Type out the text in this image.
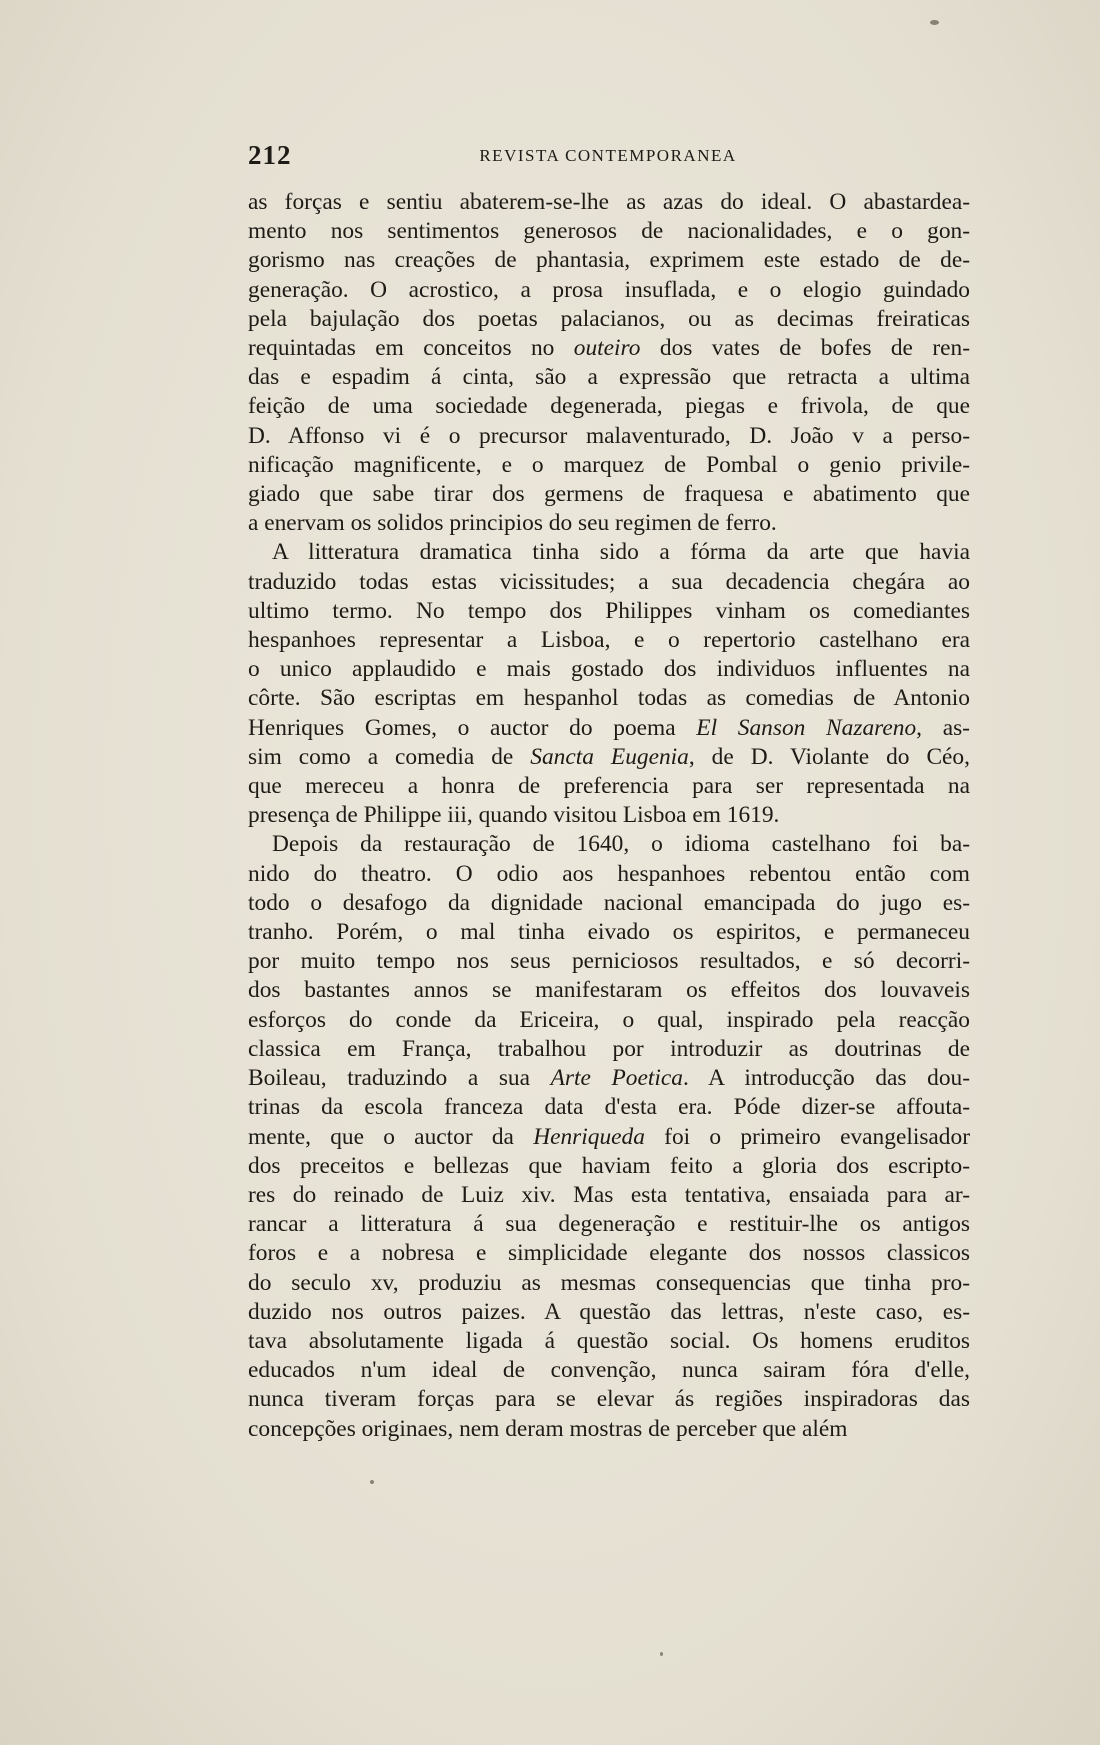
212	REVISTA CONTEMPORANEA

as forças e sentiu abaterem-se-lhe as azas do ideal. O abastardea-
mento nos sentimentos generosos de nacionalidades, e o gon-
gorismo nas creações de phantasia, exprimem este estado de de-
generação. O acrostico, a prosa insuflada, e o elogio guindado
pela bajulação dos poetas palacianos, ou as decimas freiraticas
requintadas em conceitos no outeiro dos vates de bofes de ren-
das e espadim á cinta, são a expressão que retracta a ultima
feição de uma sociedade degenerada, piegas e frivola, de que
D. Affonso vi é o precursor malaventurado, D. João v a perso-
nificação magnificente, e o marquez de Pombal o genio privile-
giado que sabe tirar dos germens de fraquesa e abatimento que
a enervam os solidos principios do seu regimen de ferro.

A litteratura dramatica tinha sido a fórma da arte que havia
traduzido todas estas vicissitudes; a sua decadencia chegára ao
ultimo termo. No tempo dos Philippes vinham os comediantes
hespanhoes representar a Lisboa, e o repertorio castelhano era
o unico applaudido e mais gostado dos individuos influentes na
côrte. São escriptas em hespanhol todas as comedias de Antonio
Henriques Gomes, o auctor do poema El Sanson Nazareno, as-
sim como a comedia de Sancta Eugenia, de D. Violante do Céo,
que mereceu a honra de preferencia para ser representada na
presença de Philippe iii, quando visitou Lisboa em 1619.

Depois da restauração de 1640, o idioma castelhano foi ba-
nido do theatro. O odio aos hespanhoes rebentou então com
todo o desafogo da dignidade nacional emancipada do jugo es-
tranho. Porém, o mal tinha eivado os espiritos, e permaneceu
por muito tempo nos seus perniciosos resultados, e só decorri-
dos bastantes annos se manifestaram os effeitos dos louvaveis
esforços do conde da Ericeira, o qual, inspirado pela reacção
classica em França, trabalhou por introduzir as doutrinas de
Boileau, traduzindo a sua Arte Poetica. A introducção das dou-
trinas da escola franceza data d'esta era. Póde dizer-se affouta-
mente, que o auctor da Henriqueda foi o primeiro evangelisador
dos preceitos e bellezas que haviam feito a gloria dos escripto-
res do reinado de Luiz xiv. Mas esta tentativa, ensaiada para ar-
rancar a litteratura á sua degeneração e restituir-lhe os antigos
foros e a nobresa e simplicidade elegante dos nossos classicos
do seculo xv, produziu as mesmas consequencias que tinha pro-
duzido nos outros paizes. A questão das lettras, n'este caso, es-
tava absolutamente ligada á questão social. Os homens eruditos
educados n'um ideal de convenção, nunca sairam fóra d'elle,
nunca tiveram forças para se elevar ás regiões inspiradoras das
concepções originaes, nem deram mostras de perceber que além
